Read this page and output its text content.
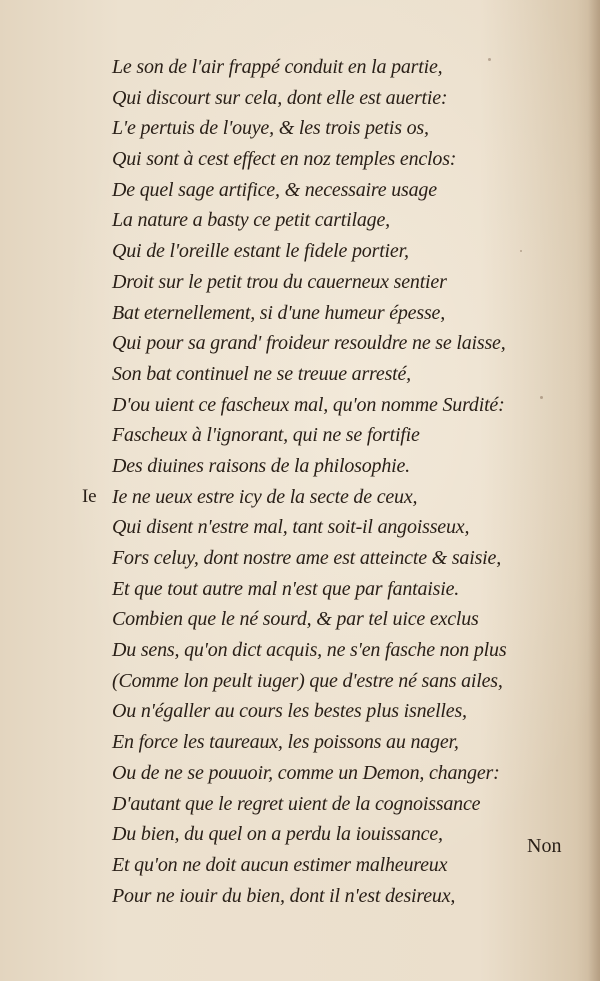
Le son de l'air frappé conduit en la partie,
Qui discourt sur cela, dont elle est auertie:
L'e pertuis de l'ouye, & les trois petis os,
Qui sont à cest effect en noz temples enclos:
De quel sage artifice, & necessaire usage
La nature a basty ce petit cartilage,
Qui de l'oreille estant le fidele portier,
Droit sur le petit trou du cauerneux sentier
Bat eternellement, si d'une humeur épesse,
Qui pour sa grand' froideur resouldre ne se laisse,
Son bat continuel ne se treuue arresté,
D'ou uient ce fascheux mal, qu'on nomme Surdité:
Fascheux à l'ignorant, qui ne se fortifie
Des diuines raisons de la philosophie.
Ie Ie ne ueux estre icy de la secte de ceux,
Qui disent n'estre mal, tant soit-il angoisseux,
Fors celuy, dont nostre ame est atteincte & saisie,
Et que tout autre mal n'est que par fantaisie.
Combien que le né sourd, & par tel uice exclus
Du sens, qu'on dict acquis, ne s'en fasche non plus
(Comme lon peult iuger) que d'estre né sans ailes,
Ou n'égaller au cours les bestes plus isnelles,
En force les taureaux, les poissons au nager,
Ou de ne se pouuoir, comme un Demon, changer:
D'autant que le regret uient de la cognoissance
Du bien, du quel on a perdu la iouissance,
Et qu'on ne doit aucun estimer malheureux
Pour ne iouir du bien, dont il n'est desireux,
Non
